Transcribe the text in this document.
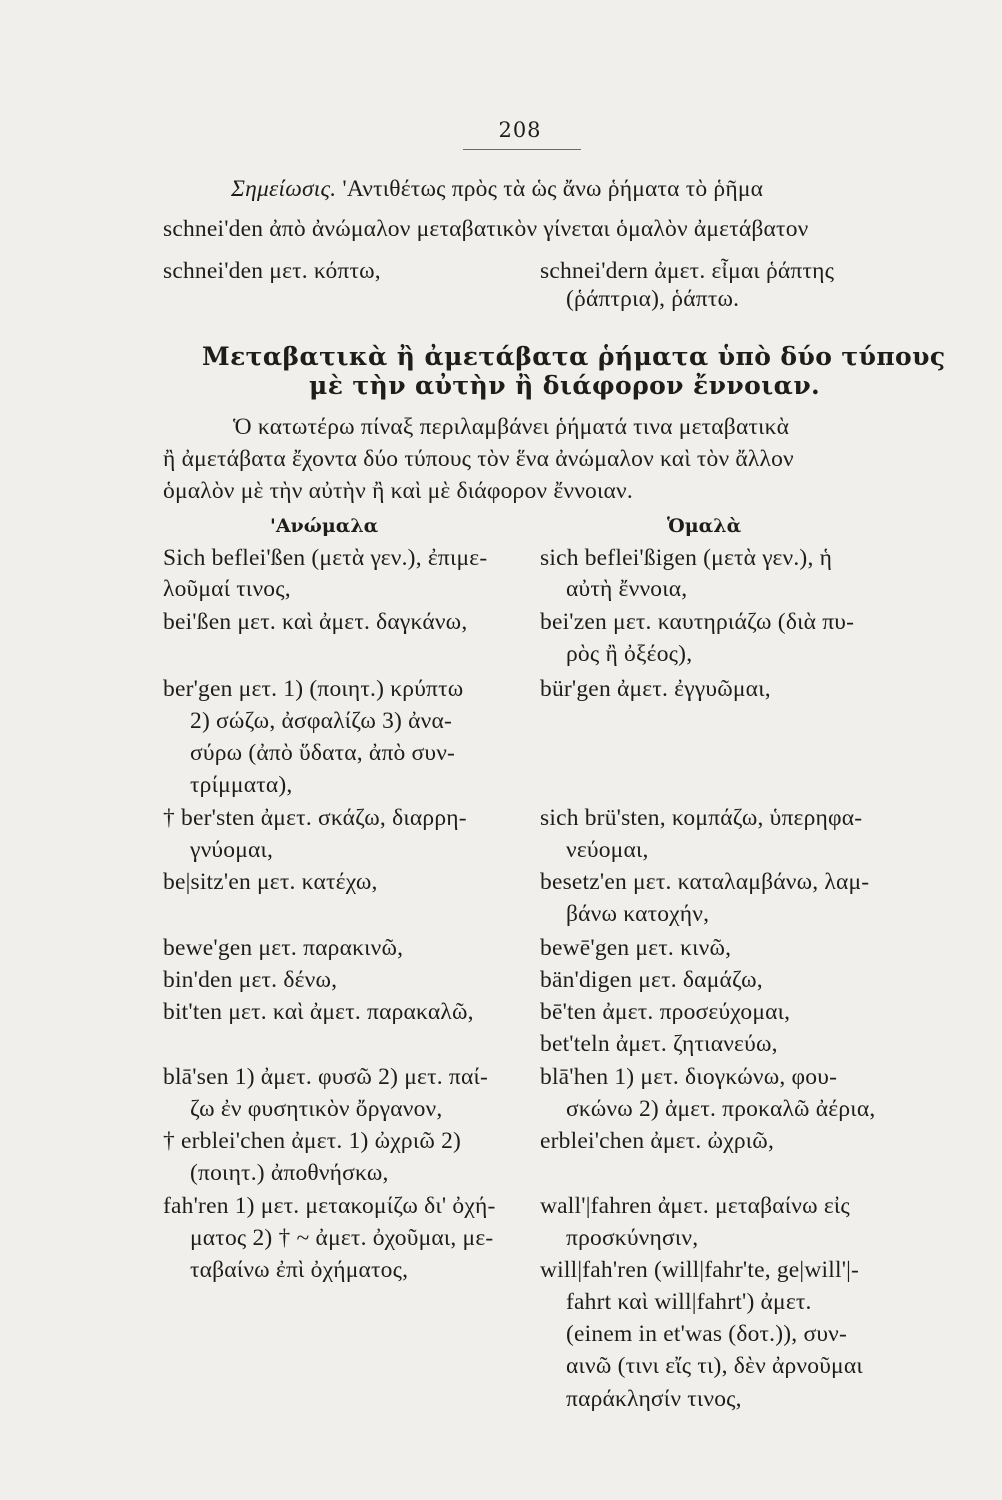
208
Σημείωσις. 'Αντιθέτως πρὸς τὰ ὡς ἄνω ῥήματα τὸ ῥῆμα
schnei'den ἀπὸ ἀνώμαλον μεταβατικὸν γίνεται ὁμαλὸν ἀμετάβατον
schnei'den μετ. κόπτω,	schnei'dern ἀμετ. εἶμαι ῥάπτης
(ῥάπτρια), ῥάπτω.
Μεταβατικὰ ἢ ἀμετάβατα ῥήματα ὑπὸ δύο τύπους
μὲ τὴν αὐτὴν ἢ διάφορον ἔννοιαν.
Ὁ κατωτέρω πίναξ περιλαμβάνει ῥήματά τινα μεταβατικὰ
ἢ ἀμετάβατα ἔχοντα δύο τύπους τὸν ἕνα ἀνώμαλον καὶ τὸν ἄλλον
ὁμαλὸν μὲ τὴν αὐτὴν ἢ καὶ μὲ διάφορον ἔννοιαν.
'Ανώμαλα	Ὁμαλὰ
Sich beflei'ßen (μετὰ γεν.), ἐπιμε-
λοῦμαί τινος,
bei'ßen μετ. καὶ ἀμετ. δαγκάνω,
ber'gen μετ. 1) (ποιητ.) κρύπτω
2) σώζω, ἀσφαλίζω 3) ἀνα-
σύρω (ἀπὸ ὕδατα, ἀπὸ συν-
τρίμματα),
† ber'sten ἀμετ. σκάζω, διαρρη-
γνύομαι,
be|sitz'en μετ. κατέχω,
bewe'gen μετ. παρακινῶ,
bin'den μετ. δένω,
bit'ten μετ. καὶ ἀμετ. παρακαλῶ,
blā'sen 1) ἀμετ. φυσῶ 2) μετ. παί-
ζω ἐν φυσητικὸν ὄργανον,
† erblei'chen ἀμετ. 1) ὠχριῶ 2)
(ποιητ.) ἀποθνήσκω,
fah'ren 1) μετ. μετακομίζω δι' ὀχή-
ματος 2) † ~ ἀμετ. ὀχοῦμαι, με-
ταβαίνω ἐπὶ ὀχήματος,
sich beflei'ßigen (μετὰ γεν.), ἡ
αὐτὴ ἔννοια,
bei'zen μετ. καυτηριάζω (διὰ πυ-
ρὸς ἢ ὀξέος),
bür'gen ἀμετ. ἐγγυῶμαι,
sich brü'sten, κομπάζω, ὑπερηφα-
νεύομαι,
besetz'en μετ. καταλαμβάνω, λαμ-
βάνω κατοχήν,
bewē'gen μετ. κινῶ,
bän'digen μετ. δαμάζω,
bē'ten ἀμετ. προσεύχομαι,
bet'teln ἀμετ. ζητιανεύω,
blā'hen 1) μετ. διογκώνω, φου-
σκώνω 2) ἀμετ. προκαλῶ ἀέρια,
erblei'chen ἀμετ. ὠχριῶ,
wall'|fahren ἀμετ. μεταβαίνω εἰς
προσκύνησιν,
will|fah'ren (will|fahr'te, ge|will'|-
fahrt καὶ will|fahrt') ἀμετ.
(einem in et'was (δοτ.)), συν-
αινῶ (τινι εἴς τι), δὲν ἀρνοῦμαι
παράκλησίν τινος,
